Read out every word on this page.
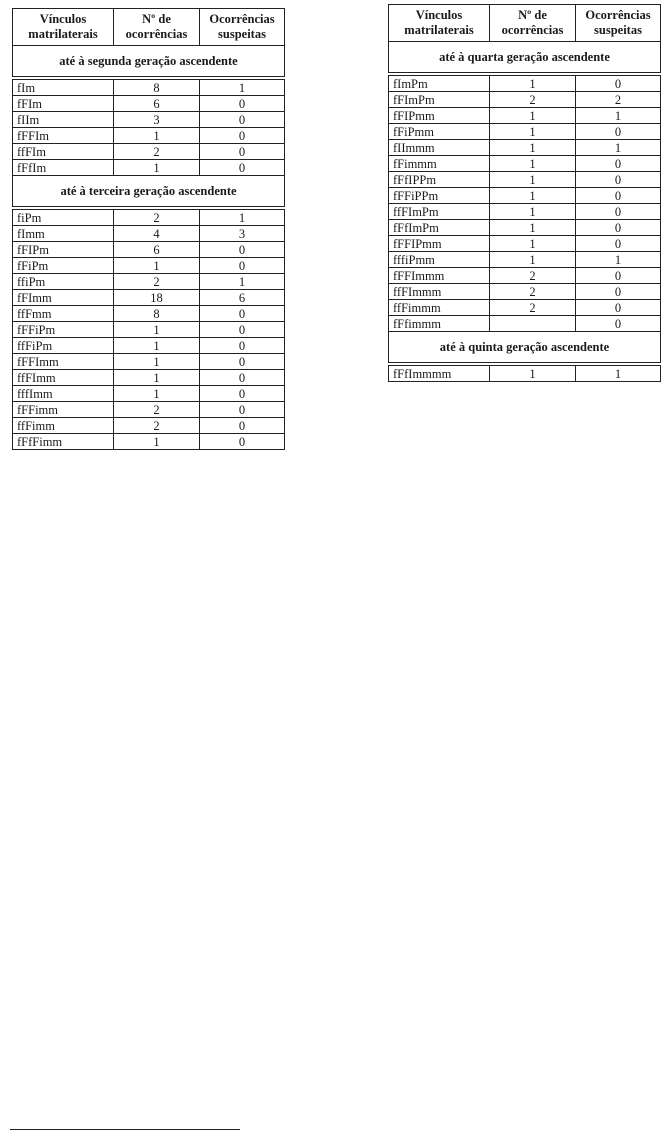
Vínculos matrilaterais	Nº de ocorrências	Ocorrências suspeitas
até à segunda geração ascendente		
fIm	8	1
fFIm	6	0
fIIm	3	0
fFFIm	1	0
ffFIm	2	0
fFfIm	1	0
até à terceira geração ascendente		
fiPm	2	1
fImm	4	3
fFIPm	6	0
fFiPm	1	0
ffiPm	2	1
fFImm	18	6
ffFmm	8	0
fFFiPm	1	0
ffFiPm	1	0
fFFImm	1	0
ffFImm	1	0
fffImm	1	0
fFFimm	2	0
ffFimm	2	0
fFfFimm	1	0
Vínculos matrilaterais	Nº de ocorrências	Ocorrências suspeitas
até à quarta geração ascendente		
fImPm	1	0
fFImPm	2	2
fFIPmm	1	1
fFiPmm	1	0
fIImmm	1	1
fFimmm	1	0
fFfIPPm	1	0
fFFiPPm	1	0
ffFImPm	1	0
fFfImPm	1	0
fFFIPmm	1	0
fffiPmm	1	1
fFFImmm	2	0
ffFImmm	2	0
ffFimmm	2	0
fFfimmm		0
até à quinta geração ascendente		
fFfImmmm	1	1
